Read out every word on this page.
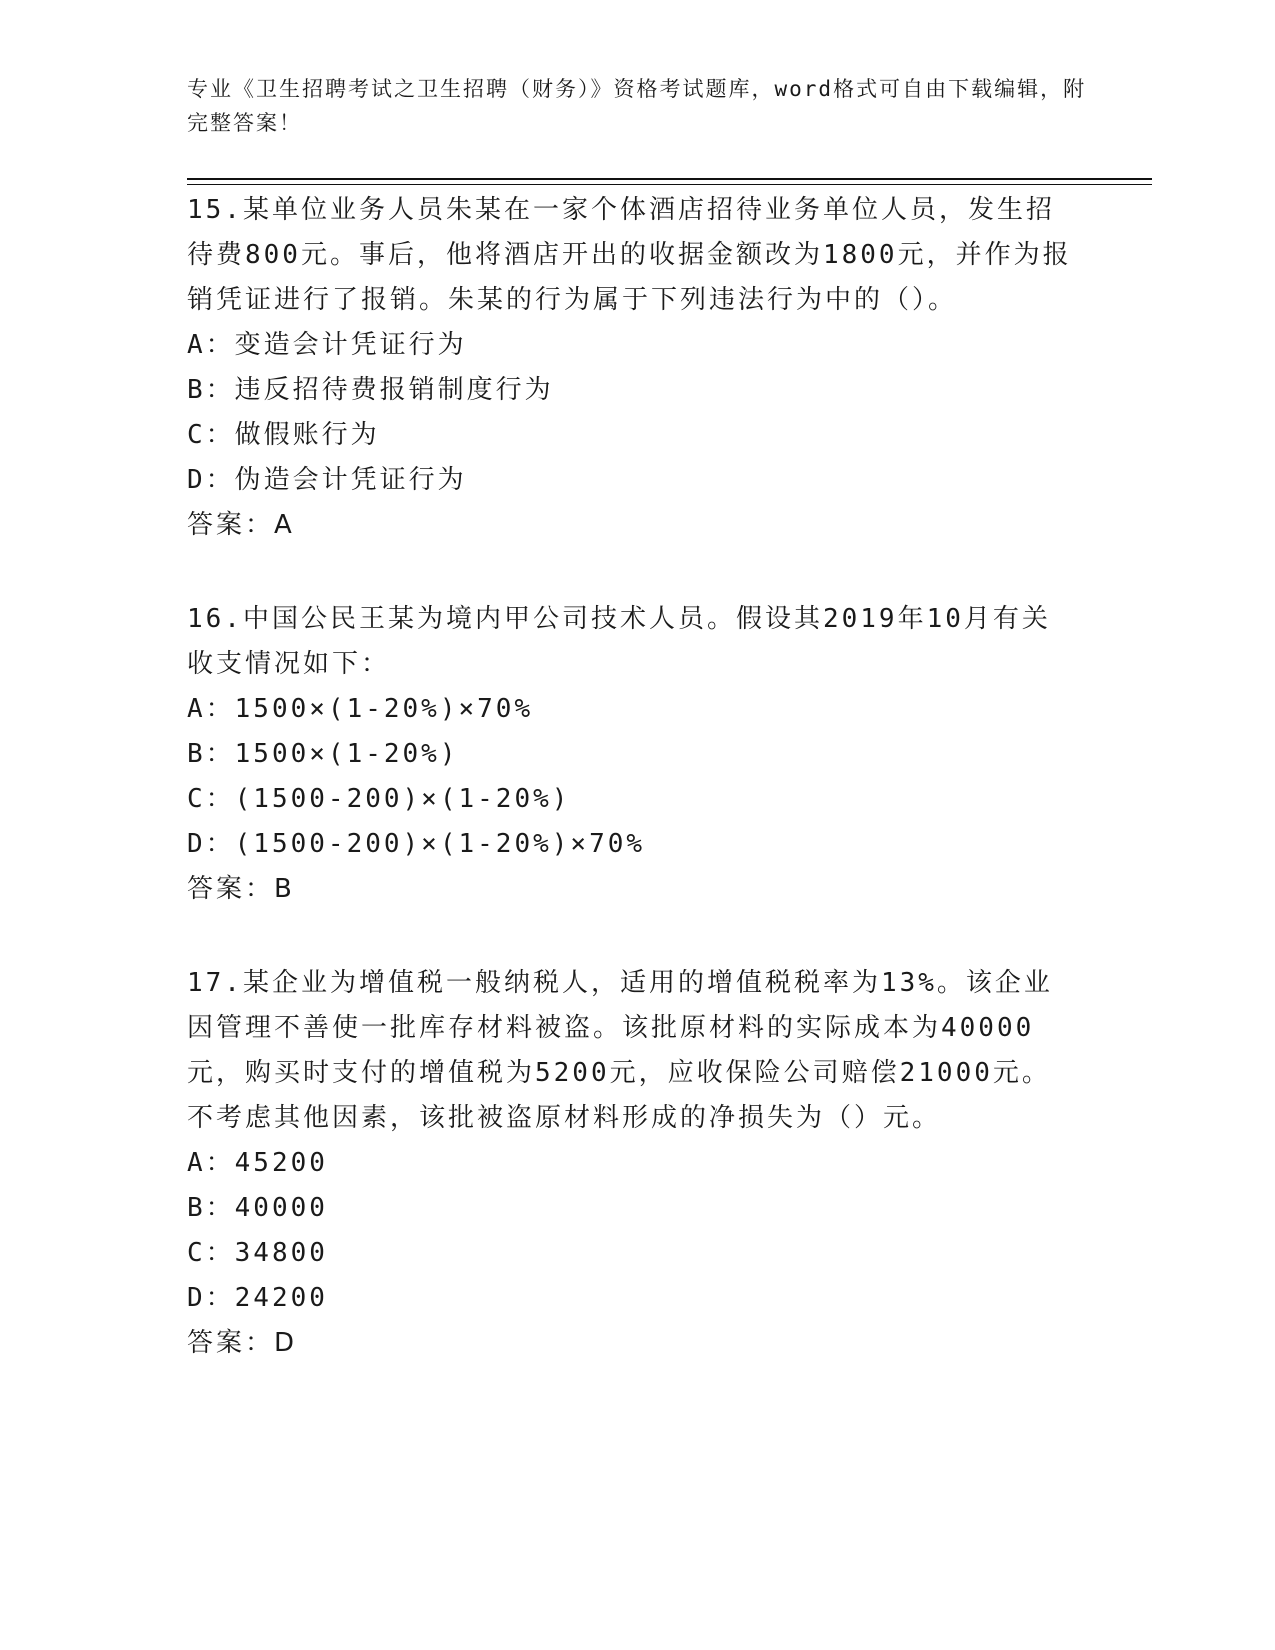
专业《卫生招聘考试之卫生招聘（财务）》资格考试题库，word格式可自由下载编辑，附完整答案！

15.某单位业务人员朱某在一家个体酒店招待业务单位人员，发生招待费800元。事后，他将酒店开出的收据金额改为1800元，并作为报销凭证进行了报销。朱某的行为属于下列违法行为中的（）。

A：变造会计凭证行为

B：违反招待费报销制度行为

C：做假账行为

D：伪造会计凭证行为

答案：A

16.中国公民王某为境内甲公司技术人员。假设其2019年10月有关收支情况如下：

A：1500×(1-20%)×70%

B：1500×(1-20%)

C：(1500-200)×(1-20%)

D：(1500-200)×(1-20%)×70%

答案：B

17.某企业为增值税一般纳税人，适用的增值税税率为13%。该企业因管理不善使一批库存材料被盗。该批原材料的实际成本为40000元，购买时支付的增值税为5200元，应收保险公司赔偿21000元。不考虑其他因素，该批被盗原材料形成的净损失为（）元。

A：45200

B：40000

C：34800

D：24200

答案：D
